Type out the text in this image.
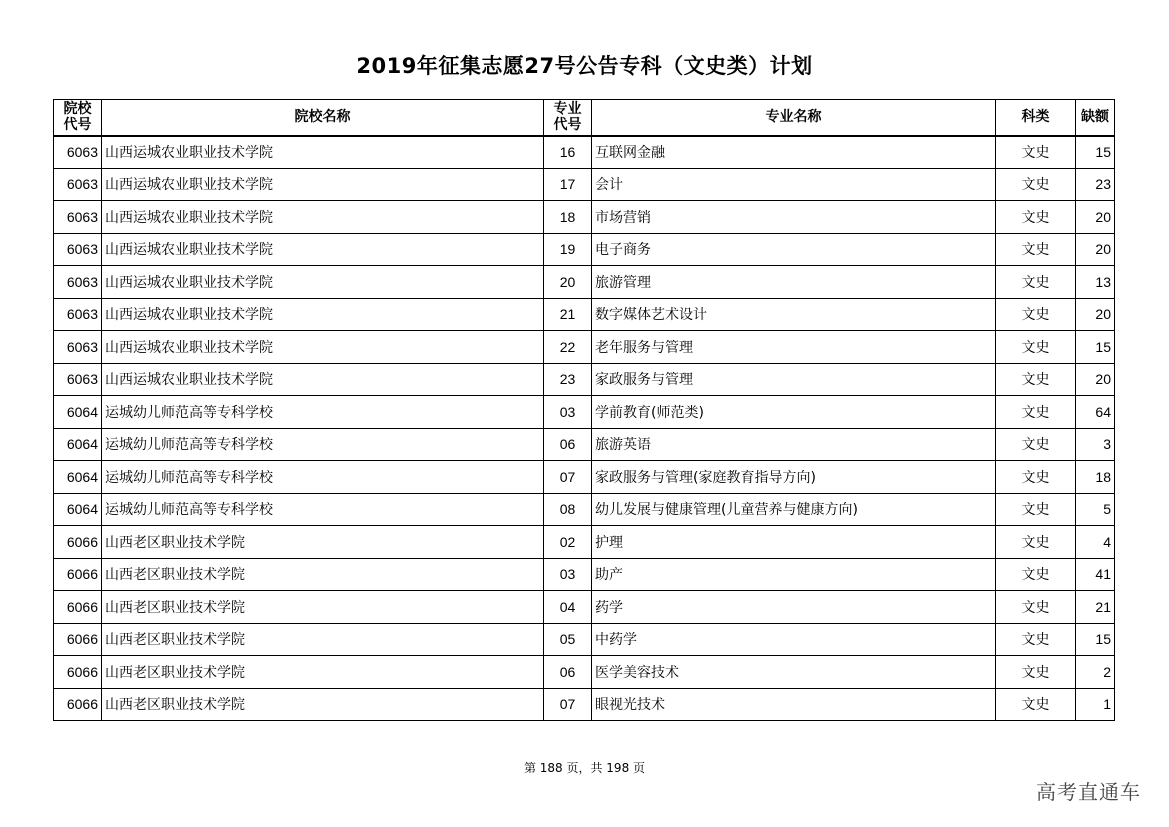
2019年征集志愿27号公告专科（文史类）计划
院校代号	院校名称	专业代号	专业名称	科类	缺额
6063	山西运城农业职业技术学院	16	互联网金融	文史	15
6063	山西运城农业职业技术学院	17	会计	文史	23
6063	山西运城农业职业技术学院	18	市场营销	文史	20
6063	山西运城农业职业技术学院	19	电子商务	文史	20
6063	山西运城农业职业技术学院	20	旅游管理	文史	13
6063	山西运城农业职业技术学院	21	数字媒体艺术设计	文史	20
6063	山西运城农业职业技术学院	22	老年服务与管理	文史	15
6063	山西运城农业职业技术学院	23	家政服务与管理	文史	20
6064	运城幼儿师范高等专科学校	03	学前教育(师范类)	文史	64
6064	运城幼儿师范高等专科学校	06	旅游英语	文史	3
6064	运城幼儿师范高等专科学校	07	家政服务与管理(家庭教育指导方向)	文史	18
6064	运城幼儿师范高等专科学校	08	幼儿发展与健康管理(儿童营养与健康方向)	文史	5
6066	山西老区职业技术学院	02	护理	文史	4
6066	山西老区职业技术学院	03	助产	文史	41
6066	山西老区职业技术学院	04	药学	文史	21
6066	山西老区职业技术学院	05	中药学	文史	15
6066	山西老区职业技术学院	06	医学美容技术	文史	2
6066	山西老区职业技术学院	07	眼视光技术	文史	1
第 188 页，共 198 页
高考直通车
